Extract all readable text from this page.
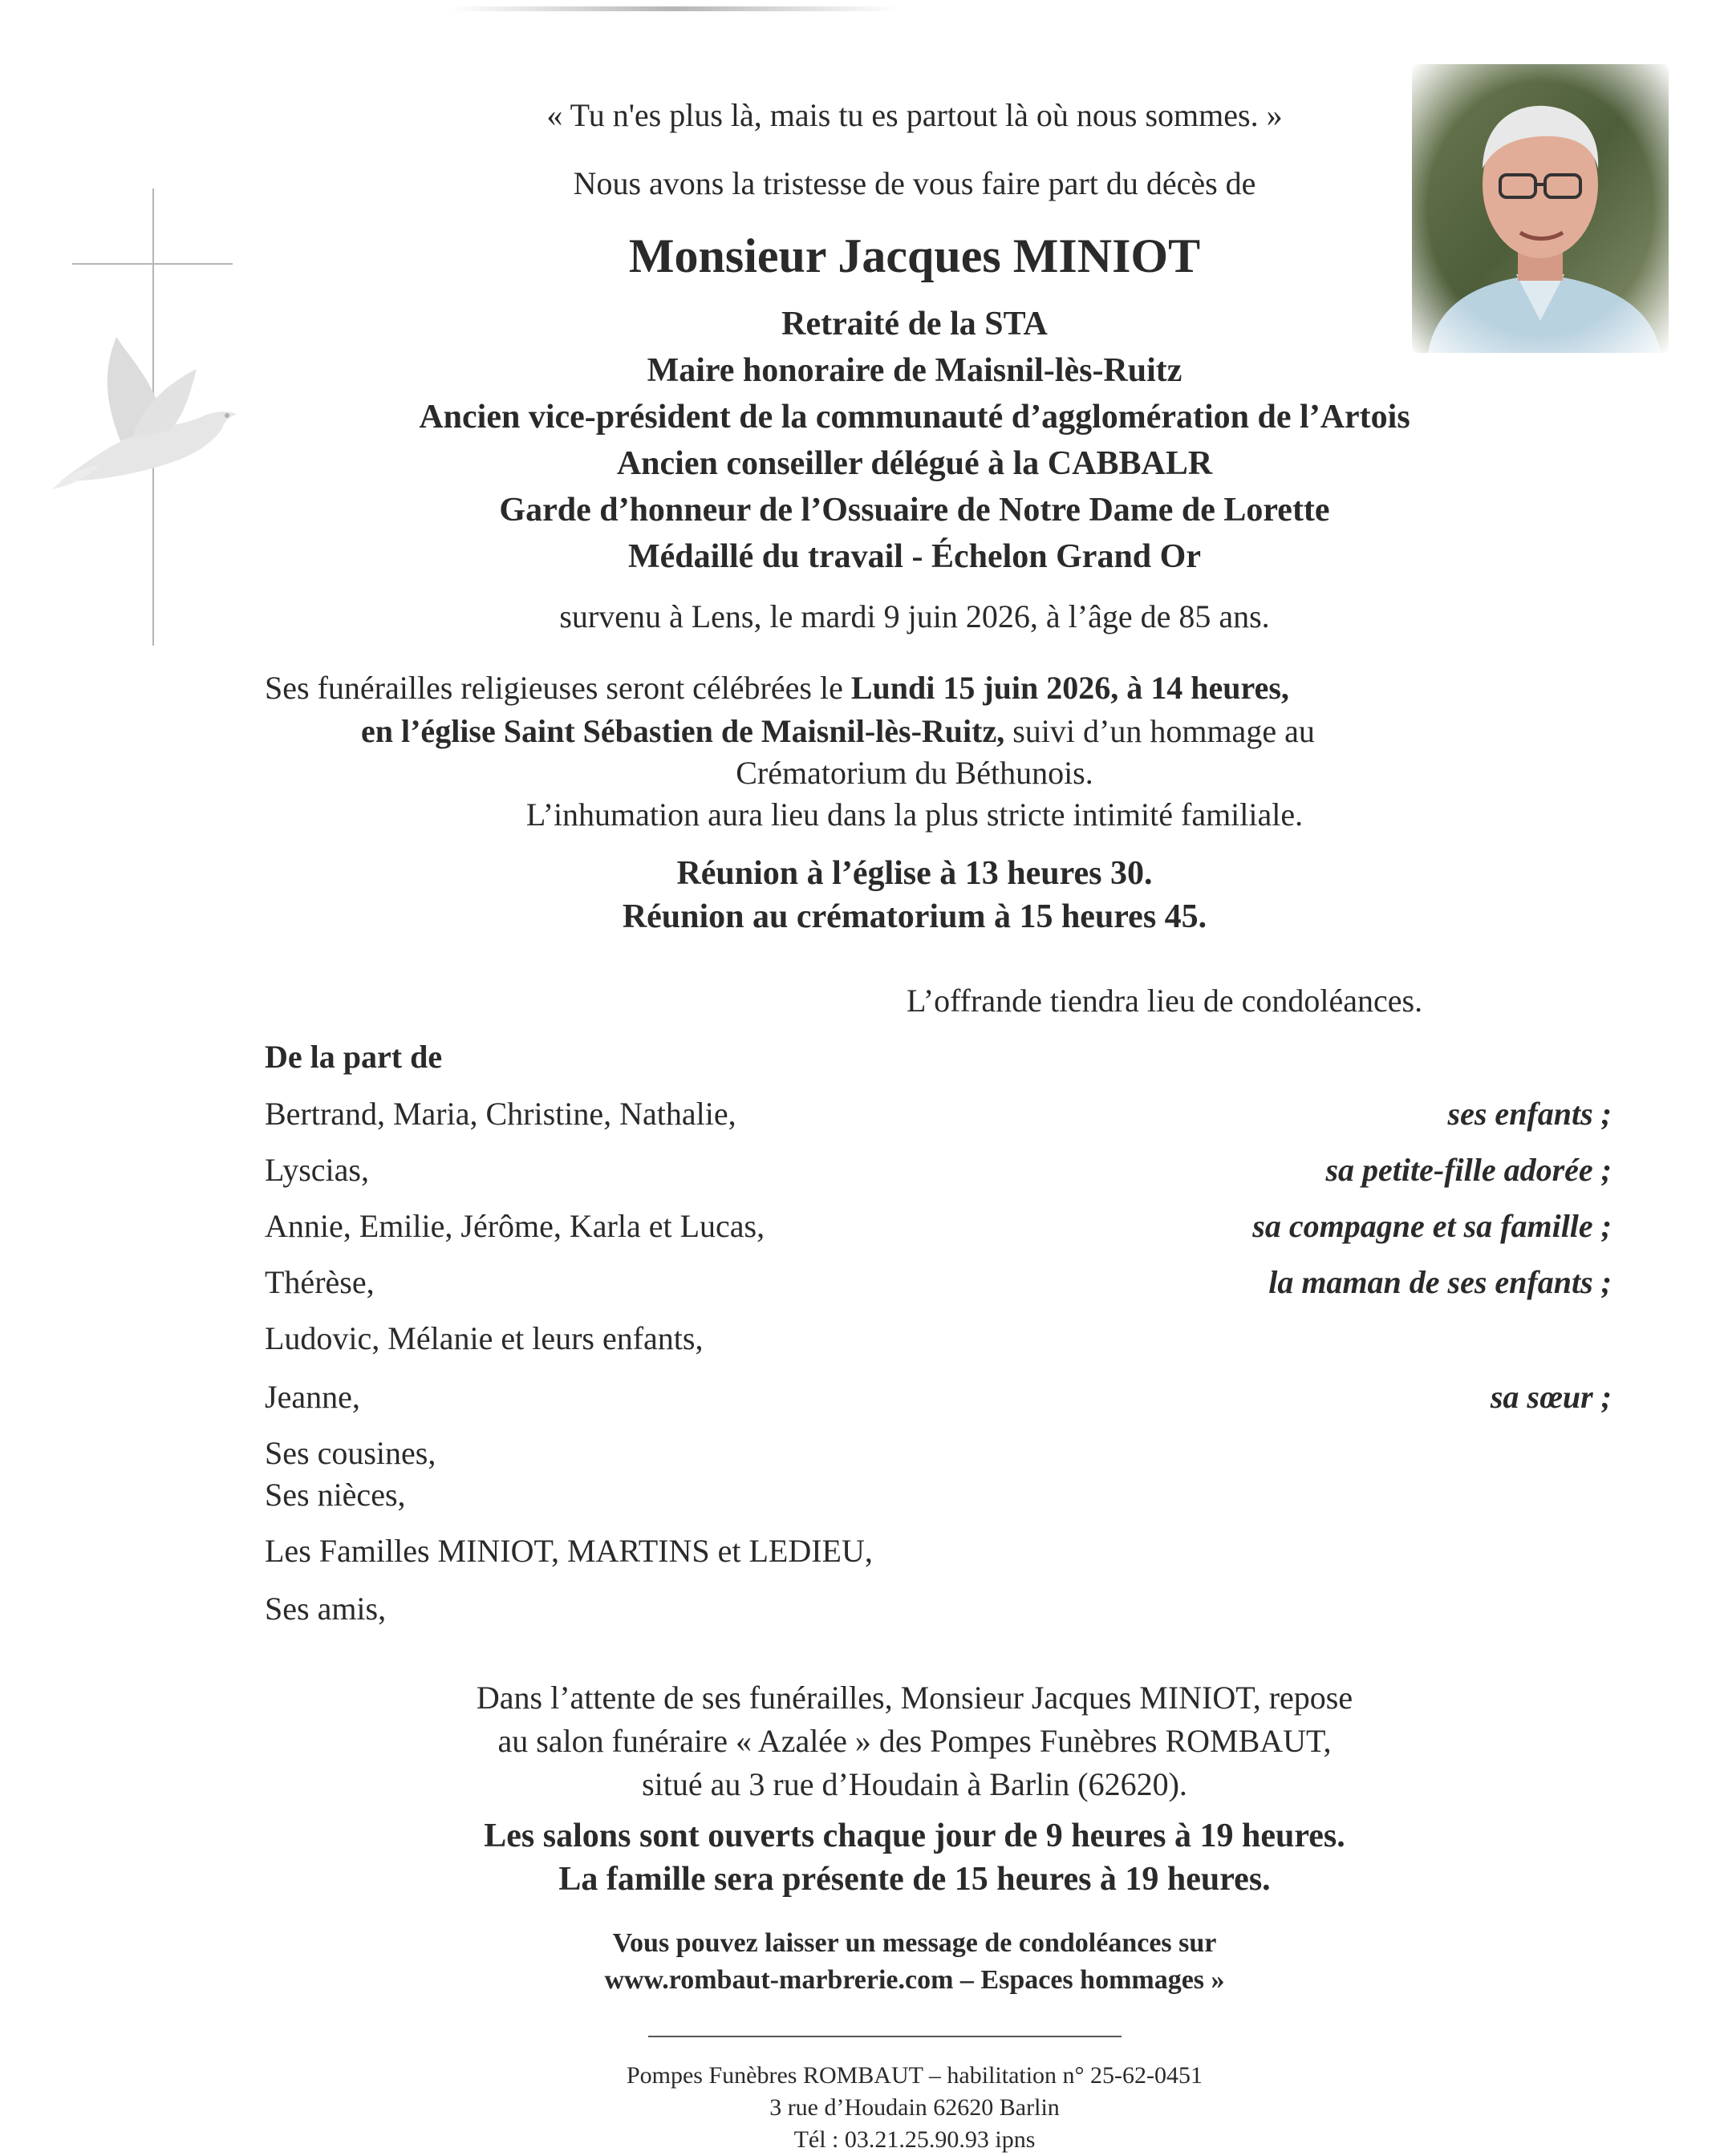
« Tu n'es plus là, mais tu es partout là où nous sommes. »
Nous avons la tristesse de vous faire part du décès de
Monsieur Jacques MINIOT
Retraité de la STA
Maire honoraire de Maisnil-lès-Ruitz
Ancien vice-président de la communauté d’agglomération de l’Artois
Ancien conseiller délégué à la CABBALR
Garde d’honneur de l’Ossuaire de Notre Dame de Lorette
Médaillé du travail - Échelon Grand Or
survenu à Lens, le mardi 9 juin 2026, à l’âge de 85 ans.
Ses funérailles religieuses seront célébrées le Lundi 15 juin 2026, à 14 heures,
en l’église Saint Sébastien de Maisnil-lès-Ruitz, suivi d’un hommage au
Crématorium du Béthunois.
L’inhumation aura lieu dans la plus stricte intimité familiale.
Réunion à l’église à 13 heures 30.
Réunion au crématorium à 15 heures 45.
L’offrande tiendra lieu de condoléances.
De la part de
Bertrand, Maria, Christine, Nathalie,	ses enfants ;
Lyscias,	sa petite-fille adorée ;
Annie, Emilie, Jérôme, Karla et Lucas,	sa compagne et sa famille ;
Thérèse,	la maman de ses enfants ;
Ludovic, Mélanie et leurs enfants,
Jeanne,	sa sœur ;
Ses cousines,
Ses nièces,
Les Familles MINIOT, MARTINS et LEDIEU,
Ses amis,
Dans l’attente de ses funérailles, Monsieur Jacques MINIOT, repose
au salon funéraire « Azalée » des Pompes Funèbres ROMBAUT,
situé au 3 rue d’Houdain à Barlin (62620).
Les salons sont ouverts chaque jour de 9 heures à 19 heures.
La famille sera présente de 15 heures à 19 heures.
Vous pouvez laisser un message de condoléances sur
www.rombaut-marbrerie.com – Espaces hommages »
Pompes Funèbres ROMBAUT – habilitation n° 25-62-0451
3 rue d’Houdain 62620 Barlin
Tél : 03.21.25.90.93 ipns
